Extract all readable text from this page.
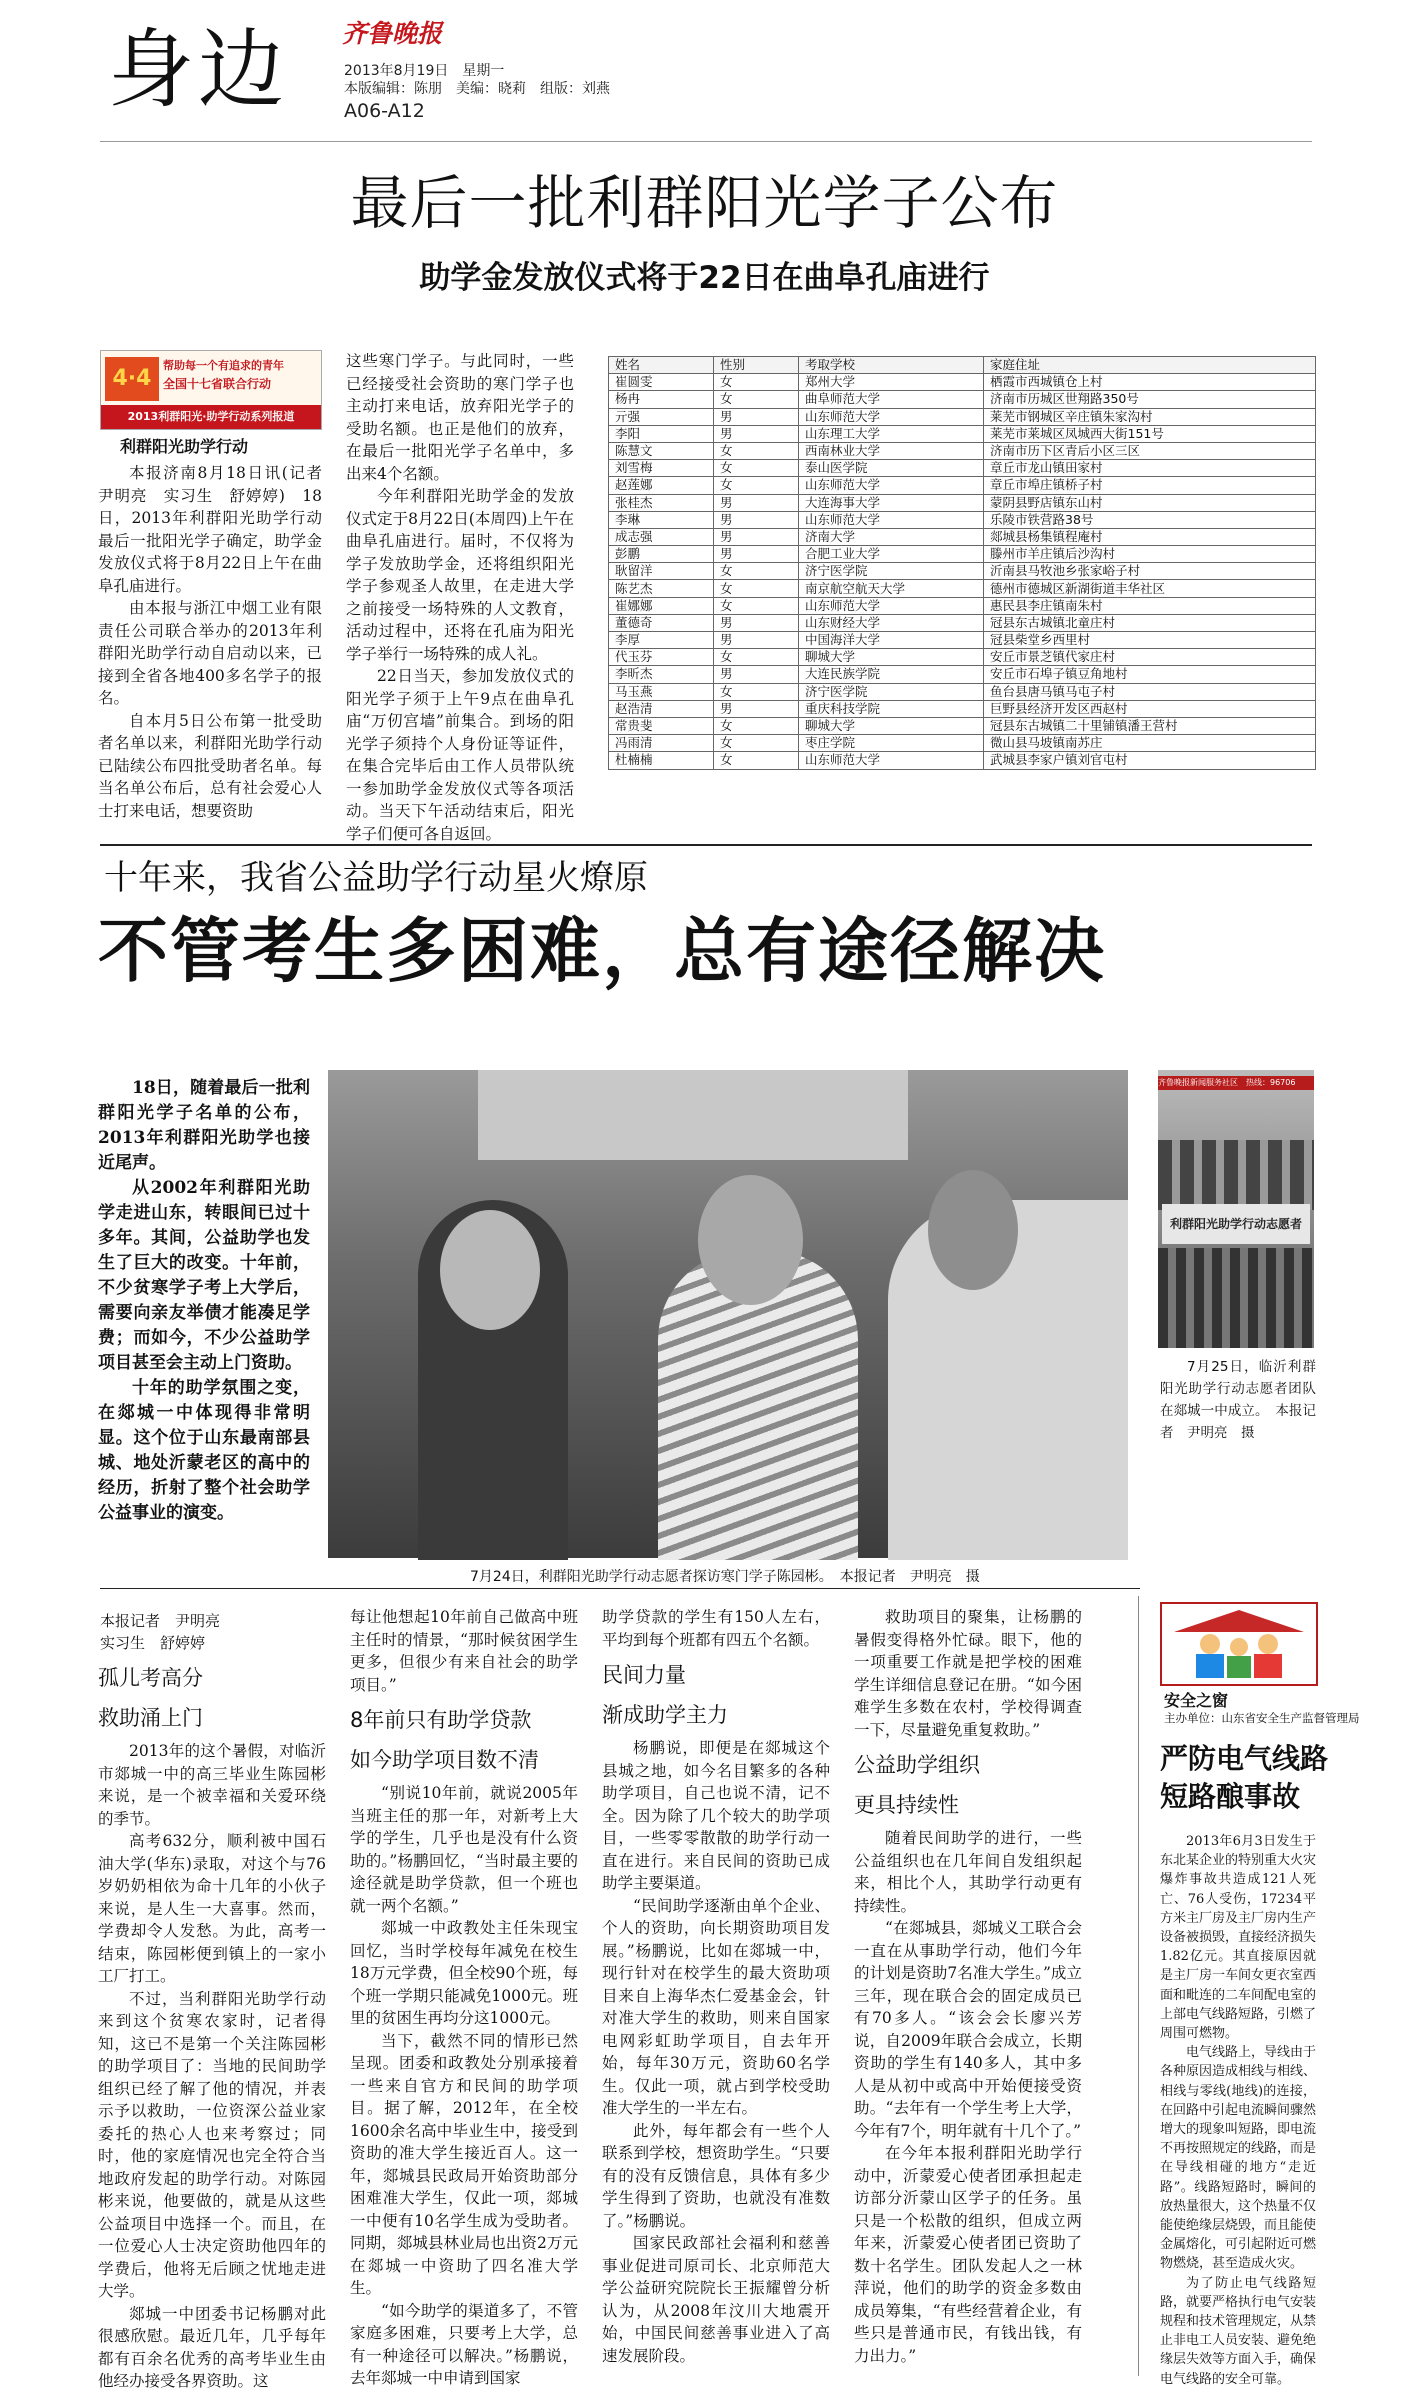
身边 齐鲁晚报
2013年8月19日　星期一
本版编辑：陈朋　美编：晓莉　组版：刘燕
A06-A12
最后一批利群阳光学子公布
助学金发放仪式将于22日在曲阜孔庙进行
4·4
帮助每一个有追求的青年
全国十七省联合行动
2013利群阳光·助学行动系列报道
利群阳光助学行动

本报济南8月18日讯(记者　尹明亮　实习生　舒婷婷)　18日，2013年利群阳光助学行动最后一批阳光学子确定，助学金发放仪式将于8月22日上午在曲阜孔庙进行。

由本报与浙江中烟工业有限责任公司联合举办的2013年利群阳光助学行动自启动以来，已接到全省各地400多名学子的报名。

自本月5日公布第一批受助者名单以来，利群阳光助学行动已陆续公布四批受助者名单。每当名单公布后，总有社会爱心人士打来电话，想要资助

这些寒门学子。与此同时，一些已经接受社会资助的寒门学子也主动打来电话，放弃阳光学子的受助名额。也正是他们的放弃，在最后一批阳光学子名单中，多出来4个名额。

今年利群阳光助学金的发放仪式定于8月22日(本周四)上午在曲阜孔庙进行。届时，不仅将为学子发放助学金，还将组织阳光学子参观圣人故里，在走进大学之前接受一场特殊的人文教育，活动过程中，还将在孔庙为阳光学子举行一场特殊的成人礼。

22日当天，参加发放仪式的阳光学子须于上午9点在曲阜孔庙“万仞宫墙”前集合。到场的阳光学子须持个人身份证等证件，在集合完毕后由工作人员带队统一参加助学金发放仪式等各项活动。当天下午活动结束后，阳光学子们便可各自返回。

姓名	性别	考取学校	家庭住址
崔圆雯	女	郑州大学	栖霞市西城镇仓上村
杨冉	女	曲阜师范大学	济南市历城区世翔路350号
亓强	男	山东师范大学	莱芜市钢城区辛庄镇朱家沟村
李阳	男	山东理工大学	莱芜市莱城区凤城西大街151号
陈慧文	女	西南林业大学	济南市历下区青后小区三区
刘雪梅	女	泰山医学院	章丘市龙山镇田家村
赵莲娜	女	山东师范大学	章丘市埠庄镇桥子村
张桂杰	男	大连海事大学	蒙阴县野店镇东山村
李琳	男	山东师范大学	乐陵市铁营路38号
成志强	男	济南大学	郯城县杨集镇程庵村
彭鹏	男	合肥工业大学	滕州市羊庄镇后沙沟村
耿留洋	女	济宁医学院	沂南县马牧池乡张家峪子村
陈艺杰	女	南京航空航天大学	德州市德城区新湖街道丰华社区
崔娜娜	女	山东师范大学	惠民县李庄镇南朱村
董德奇	男	山东财经大学	冠县东古城镇北童庄村
李厚	男	中国海洋大学	冠县柴堂乡西里村
代玉芬	女	聊城大学	安丘市景芝镇代家庄村
李昕杰	男	大连民族学院	安丘市石埠子镇豆角地村
马玉燕	女	济宁医学院	鱼台县唐马镇马屯子村
赵浩清	男	重庆科技学院	巨野县经济开发区西赵村
常贵斐	女	聊城大学	冠县东古城镇二十里铺镇潘王营村
冯雨清	女	枣庄学院	微山县马坡镇南苏庄
杜楠楠	女	山东师范大学	武城县李家户镇刘官屯村
十年来，我省公益助学行动星火燎原
不管考生多困难，总有途径解决

18日，随着最后一批利群阳光学子名单的公布，2013年利群阳光助学也接近尾声。

从2002年利群阳光助学走进山东，转眼间已过十多年。其间，公益助学也发生了巨大的改变。十年前，不少贫寒学子考上大学后，需要向亲友举债才能凑足学费；而如今，不少公益助学项目甚至会主动上门资助。

十年的助学氛围之变，在郯城一中体现得非常明显。这个位于山东最南部县城、地处沂蒙老区的高中的经历，折射了整个社会助学公益事业的演变。

7月24日，利群阳光助学行动志愿者探访寒门学子陈园彬。　本报记者　尹明亮　摄
齐鲁晚报新闻服务社区　热线：96706
利群阳光助学行动志愿者

7月25日，临沂利群阳光助学行动志愿者团队在郯城一中成立。　本报记者　尹明亮　摄

本报记者　尹明亮
实习生　舒婷婷
孤儿考高分
救助涌上门

2013年的这个暑假，对临沂市郯城一中的高三毕业生陈园彬来说，是一个被幸福和关爱环绕的季节。

高考632分，顺利被中国石油大学(华东)录取，对这个与76岁奶奶相依为命十几年的小伙子来说，是人生一大喜事。然而，学费却令人发愁。为此，高考一结束，陈园彬便到镇上的一家小工厂打工。

不过，当利群阳光助学行动来到这个贫寒农家时，记者得知，这已不是第一个关注陈园彬的助学项目了：当地的民间助学组织已经了解了他的情况，并表示予以救助，一位资深公益业家委托的热心人也来考察过；同时，他的家庭情况也完全符合当地政府发起的助学行动。对陈园彬来说，他要做的，就是从这些公益项目中选择一个。而且，在一位爱心人士决定资助他四年的学费后，他将无后顾之忧地走进大学。

郯城一中团委书记杨鹏对此很感欣慰。最近几年，几乎每年都有百余名优秀的高考毕业生由他经办接受各界资助。这

每让他想起10年前自己做高中班主任时的情景，“那时候贫困学生更多，但很少有来自社会的助学项目。”

8年前只有助学贷款
如今助学项目数不清

“别说10年前，就说2005年当班主任的那一年，对新考上大学的学生，几乎也是没有什么资助的。”杨鹏回忆，“当时最主要的途径就是助学贷款，但一个班也就一两个名额。”

郯城一中政教处主任朱现宝回忆，当时学校每年减免在校生18万元学费，但全校90个班，每个班一学期只能减免1000元。班里的贫困生再均分这1000元。

当下，截然不同的情形已然呈现。团委和政教处分别承接着一些来自官方和民间的助学项目。据了解，2012年，在全校1600余名高中毕业生中，接受到资助的准大学生接近百人。这一年，郯城县民政局开始资助部分困难准大学生，仅此一项，郯城一中便有10名学生成为受助者。同期，郯城县林业局也出资2万元在郯城一中资助了四名准大学生。

“如今助学的渠道多了，不管家庭多困难，只要考上大学，总有一种途径可以解决。”杨鹏说，去年郯城一中申请到国家

助学贷款的学生有150人左右，平均到每个班都有四五个名额。

民间力量
渐成助学主力

杨鹏说，即便是在郯城这个县城之地，如今名目繁多的各种助学项目，自己也说不清，记不全。因为除了几个较大的助学项目，一些零零散散的助学行动一直在进行。来自民间的资助已成助学主要渠道。

“民间助学逐渐由单个企业、个人的资助，向长期资助项目发展。”杨鹏说，比如在郯城一中，现行针对在校学生的最大资助项目来自上海华杰仁爱基金会，针对准大学生的救助，则来自国家电网彩虹助学项目，自去年开始，每年30万元，资助60名学生。仅此一项，就占到学校受助准大学生的一半左右。

此外，每年都会有一些个人联系到学校，想资助学生。“只要有的没有反馈信息，具体有多少学生得到了资助，也就没有准数了。”杨鹏说。

国家民政部社会福利和慈善事业促进司原司长、北京师范大学公益研究院院长王振耀曾分析认为，从2008年汶川大地震开始，中国民间慈善事业进入了高速发展阶段。

救助项目的聚集，让杨鹏的暑假变得格外忙碌。眼下，他的一项重要工作就是把学校的困难学生详细信息登记在册。“如今困难学生多数在农村，学校得调查一下，尽量避免重复救助。”

公益助学组织
更具持续性

随着民间助学的进行，一些公益组织也在几年间自发组织起来，相比个人，其助学行动更有持续性。

“在郯城县，郯城义工联合会一直在从事助学行动，他们今年的计划是资助7名准大学生。”成立三年，现在联合会的固定成员已有70多人。“该会会长廖兴芳说，自2009年联合会成立，长期资助的学生有140多人，其中多人是从初中或高中开始便接受资助。“去年有一个学生考上大学，今年有7个，明年就有十几个了。”

在今年本报利群阳光助学行动中，沂蒙爱心使者团承担起走访部分沂蒙山区学子的任务。虽只是一个松散的组织，但成立两年来，沂蒙爱心使者团已资助了数十名学生。团队发起人之一林萍说，他们的助学的资金多数由成员筹集，“有些经营着企业，有些只是普通市民，有钱出钱，有力出力。”

安全之窗
主办单位：山东省安全生产监督管理局
严防电气线路
短路酿事故

2013年6月3日发生于东北某企业的特别重大火灾爆炸事故共造成121人死亡、76人受伤，17234平方米主厂房及主厂房内生产设备被损毁，直接经济损失1.82亿元。其直接原因就是主厂房一车间女更衣室西面和毗连的二车间配电室的上部电气线路短路，引燃了周围可燃物。

电气线路上，导线由于各种原因造成相线与相线、相线与零线(地线)的连接，在回路中引起电流瞬间骤然增大的现象叫短路，即电流不再按照规定的线路，而是在导线相碰的地方“走近路”。线路短路时，瞬间的放热量很大，这个热量不仅能使绝缘层烧毁，而且能使金属熔化，可引起附近可燃物燃烧，甚至造成火灾。

为了防止电气线路短路，就要严格执行电气安装规程和技术管理规定，从禁止非电工人员安装、避免绝缘层失效等方面入手，确保电气线路的安全可靠。
